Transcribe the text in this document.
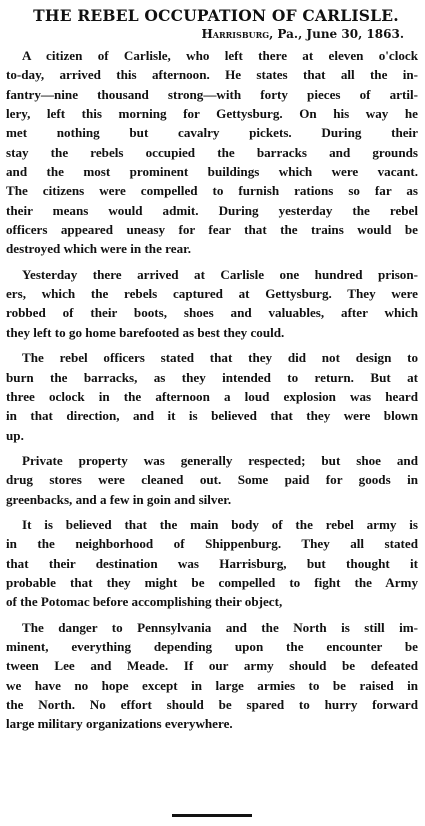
THE REBEL OCCUPATION OF CARLISLE.
Harrisburg, Pa., June 30, 1863.
A citizen of Carlisle, who left there at eleven o'clock
to-day, arrived this afternoon. He states that all the in-
fantry—nine thousand strong—with forty pieces of artil-
lery, left this morning for Gettysburg. On his way he
met nothing but cavalry pickets. During their
stay the rebels occupied the barracks and grounds
and the most prominent buildings which were vacant.
The citizens were compelled to furnish rations so far as
their means would admit. During yesterday the rebel
officers appeared uneasy for fear that the trains would be
destroyed which were in the rear.
Yesterday there arrived at Carlisle one hundred prison-
ers, which the rebels captured at Gettysburg. They were
robbed of their boots, shoes and valuables, after which
they left to go home barefooted as best they could.
The rebel officers stated that they did not design to
burn the barracks, as they intended to return. But at
three oclock in the afternoon a loud explosion was heard
in that direction, and it is believed that they were blown
up.
Private property was generally respected; but shoe and
drug stores were cleaned out. Some paid for goods in
greenbacks, and a few in goin and silver.
It is believed that the main body of the rebel army is
in the neighborhood of Shippenburg. They all stated
that their destination was Harrisburg, but thought it
probable that they might be compelled to fight the Army
of the Potomac before accomplishing their object,
The danger to Pennsylvania and the North is still im-
minent, everything depending upon the encounter be
tween Lee and Meade. If our army should be defeated
we have no hope except in large armies to be raised in
the North. No effort should be spared to hurry forward
large military organizations everywhere.
